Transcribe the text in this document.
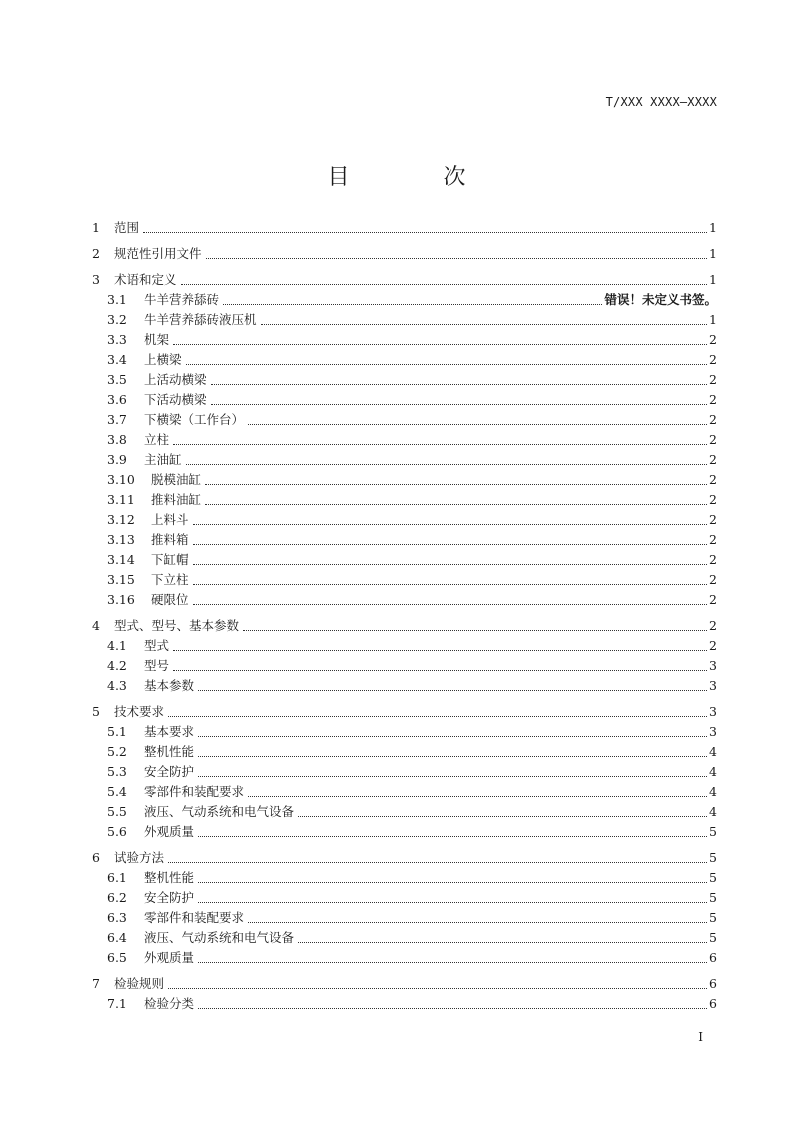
T/XXX XXXX—XXXX
目　次
1	范围	1
2	规范性引用文件	1
3	术语和定义	1
3.1	牛羊营养舔砖	错误！未定义书签。
3.2	牛羊营养舔砖液压机	1
3.3	机架	2
3.4	上横梁	2
3.5	上活动横梁	2
3.6	下活动横梁	2
3.7	下横梁（工作台）	2
3.8	立柱	2
3.9	主油缸	2
3.10	脱模油缸	2
3.11	推料油缸	2
3.12	上料斗	2
3.13	推料箱	2
3.14	下缸帽	2
3.15	下立柱	2
3.16	硬限位	2
4	型式、型号、基本参数	2
4.1	型式	2
4.2	型号	3
4.3	基本参数	3
5	技术要求	3
5.1	基本要求	3
5.2	整机性能	4
5.3	安全防护	4
5.4	零部件和装配要求	4
5.5	液压、气动系统和电气设备	4
5.6	外观质量	5
6	试验方法	5
6.1	整机性能	5
6.2	安全防护	5
6.3	零部件和装配要求	5
6.4	液压、气动系统和电气设备	5
6.5	外观质量	6
7	检验规则	6
7.1	检验分类	6
I
